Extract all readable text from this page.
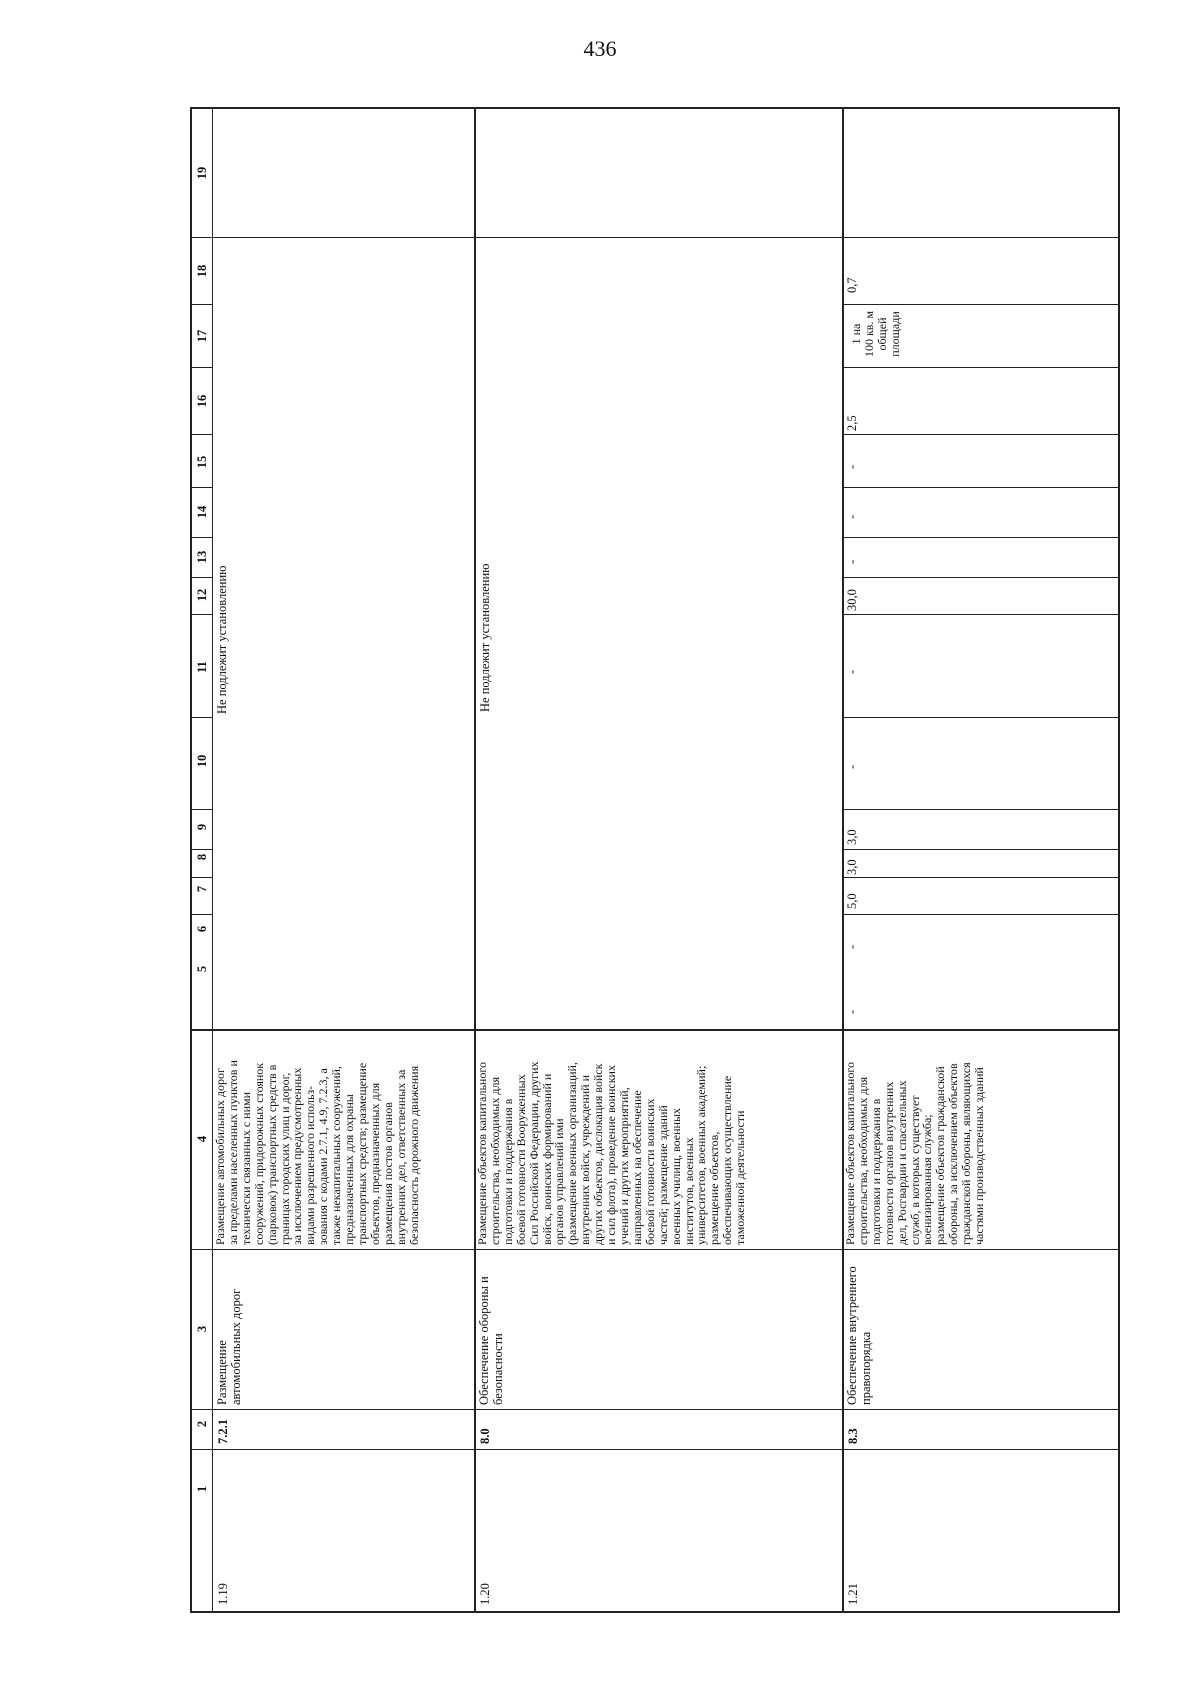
436
1
2
3
4
5
6
7
8
9
10
11
12
13
14
15
16
17
18
19
1.19
7.2.1
Размещение автомобильных дорог
Размещение автомобильных дорог
за пределами населенных пунктов и
технически связанных с ними
сооружений, придорожных стоянок
(парковок) транспортных средств в
границах городских улиц и дорог,
за исключением предусмотренных
видами разрешенного использ-
зования с кодами 2.7.1, 4.9, 7.2.3, а
также некапитальных сооружений,
предназначенных для охраны
транспортных средств; размещение
объектов, предназначенных для
размещения постов органов
внутренних дел, ответственных за
безопасность дорожного движения
Не подлежит установлению
1.20
8.0
Обеспечение обороны и безопасности
Размещение объектов капитального
строительства, необходимых для
подготовки и поддержания в
боевой готовности Вооруженных
Сил Российской Федерации, других
войск, воинских формирований и
органов управлений ими
(размещение военных организаций,
внутренних войск, учреждений и
других объектов, дислокация войск
и сил флота), проведение воинских
учений и других мероприятий,
направленных на обеспечение
боевой готовности воинских
частей; размещение зданий
военных училищ, военных
институтов, военных
университетов, военных академий;
размещение объектов,
обеспечивающих осуществление
таможенной деятельности
Не подлежит установлению
1.21
8.3
Обеспечение внутреннего правопорядка
Размещение объектов капитального
строительства, необходимых для
подготовки и поддержания в
готовности органов внутренних
дел, Росгвардии и спасательных
служб, в которых существует
военизированная служба;
размещение объектов гражданской
обороны, за исключением объектов
гражданской обороны, являющихся
частями производственных зданий
-
-
5,0
3,0
3,0
-
-
30,0
-
-
-
2,5
1 на
100 кв. м
общей
площади
0,7
